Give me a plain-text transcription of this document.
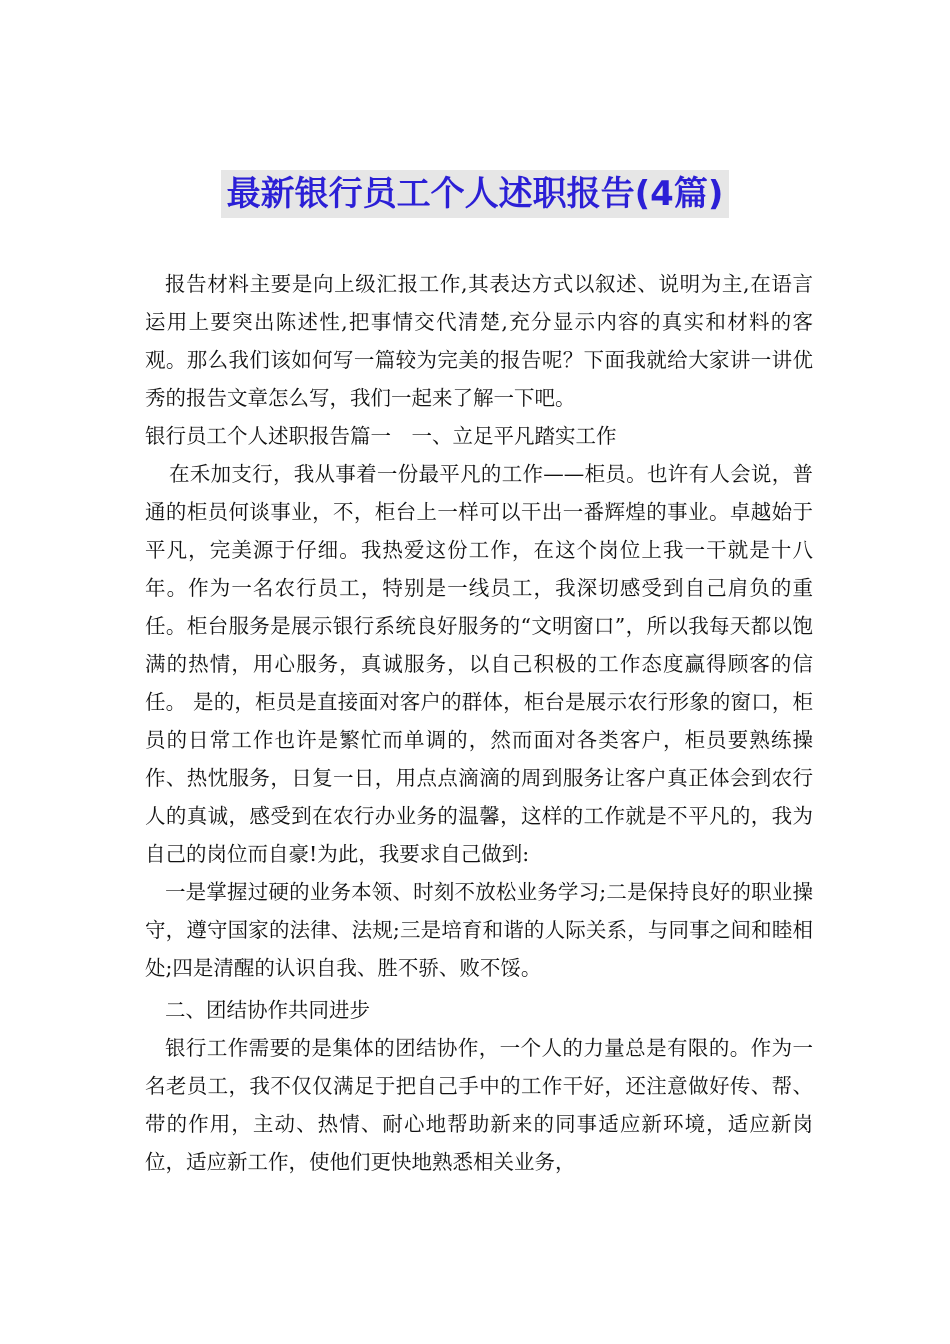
最新银行员工个人述职报告(4篇)

报告材料主要是向上级汇报工作,其表达方式以叙述、说明为主,在语言运用上要突出陈述性,把事情交代清楚,充分显示内容的真实和材料的客观。那么我们该如何写一篇较为完美的报告呢？下面我就给大家讲一讲优秀的报告文章怎么写，我们一起来了解一下吧。

银行员工个人述职报告篇一　一、立足平凡踏实工作

在禾加支行，我从事着一份最平凡的工作——柜员。也许有人会说，普通的柜员何谈事业，不，柜台上一样可以干出一番辉煌的事业。卓越始于平凡，完美源于仔细。我热爱这份工作，在这个岗位上我一干就是十八年。作为一名农行员工，特别是一线员工，我深切感受到自己肩负的重任。柜台服务是展示银行系统良好服务的“文明窗口”，所以我每天都以饱满的热情，用心服务，真诚服务，以自己积极的工作态度赢得顾客的信任。 是的，柜员是直接面对客户的群体，柜台是展示农行形象的窗口，柜员的日常工作也许是繁忙而单调的，然而面对各类客户，柜员要熟练操作、热忱服务，日复一日，用点点滴滴的周到服务让客户真正体会到农行人的真诚，感受到在农行办业务的温馨，这样的工作就是不平凡的，我为自己的岗位而自豪!为此，我要求自己做到:

一是掌握过硬的业务本领、时刻不放松业务学习;二是保持良好的职业操守，遵守国家的法律、法规;三是培育和谐的人际关系，与同事之间和睦相处;四是清醒的认识自我、胜不骄、败不馁。

二、团结协作共同进步

银行工作需要的是集体的团结协作，一个人的力量总是有限的。作为一名老员工，我不仅仅满足于把自己手中的工作干好，还注意做好传、帮、带的作用，主动、热情、耐心地帮助新来的同事适应新环境，适应新岗位，适应新工作，使他们更快地熟悉相关业务，
